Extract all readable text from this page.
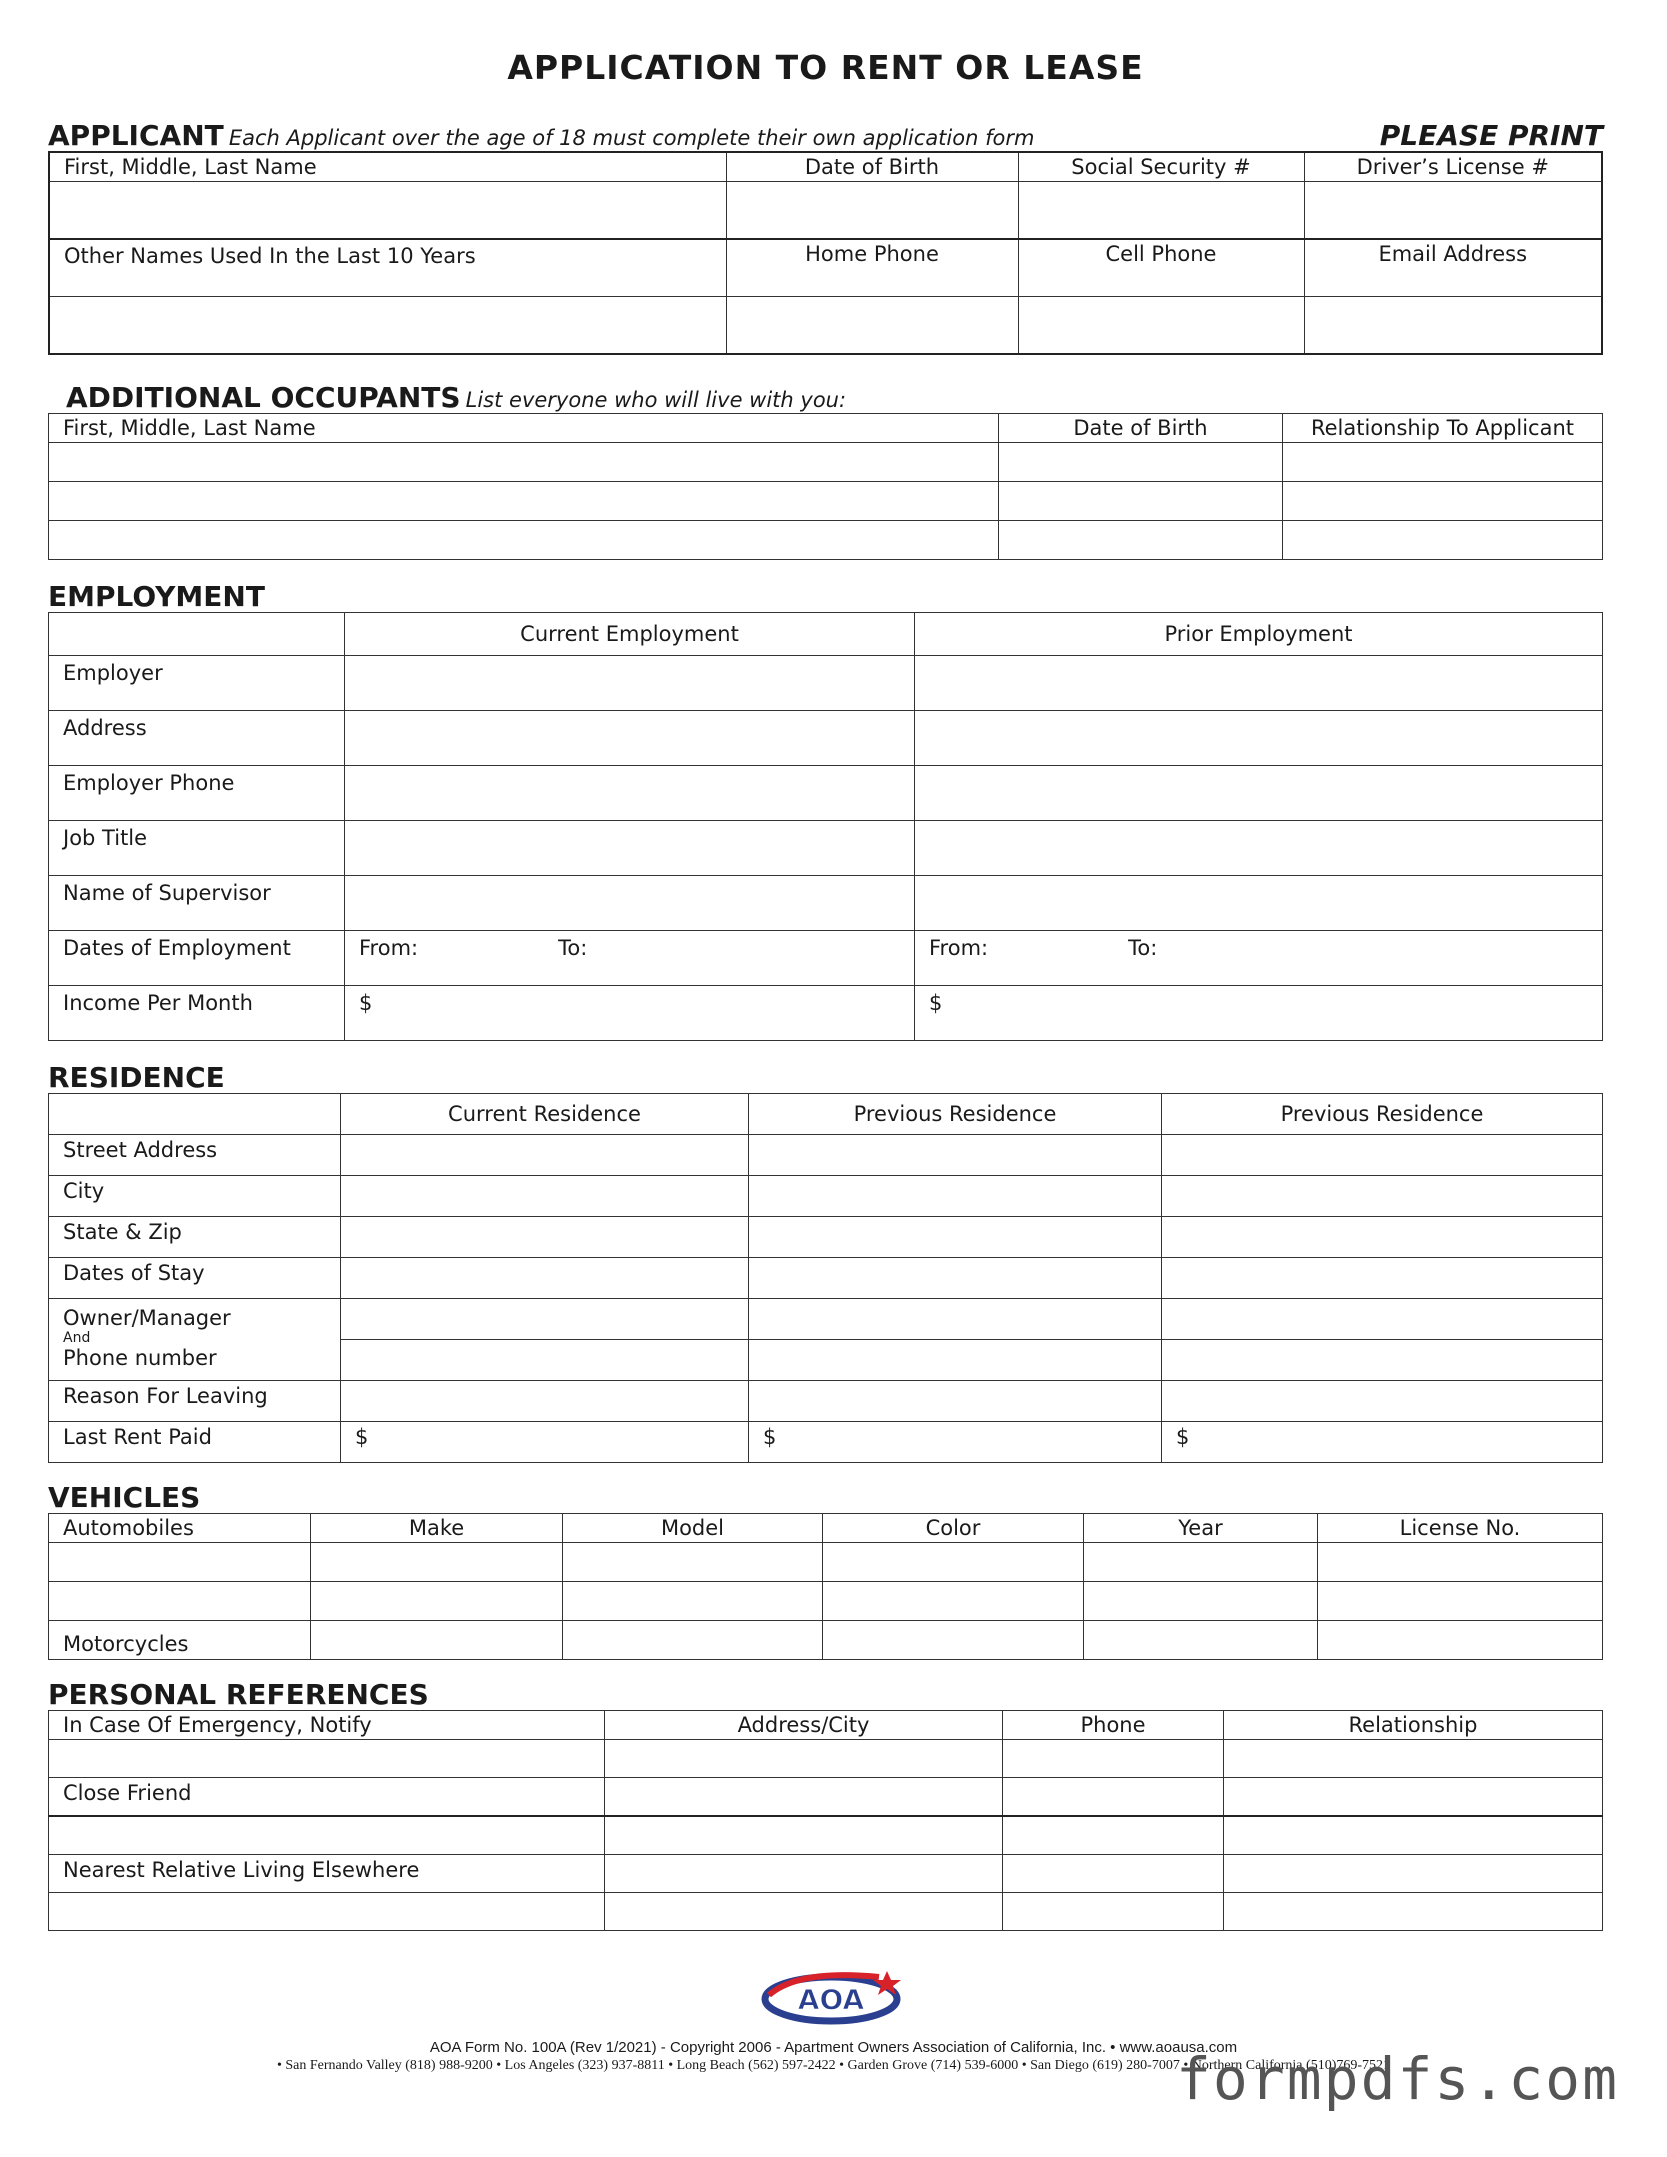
APPLICATION TO RENT OR LEASE
APPLICANT Each Applicant over the age of 18 must complete their own application form	PLEASE PRINT
First, Middle, Last Name	Date of Birth	Social Security #	Driver’s License #

Other Names Used In the Last 10 Years	Home Phone	Cell Phone	Email Address

ADDITIONAL OCCUPANTS List everyone who will live with you:
First, Middle, Last Name	Date of Birth	Relationship To Applicant

EMPLOYMENT
	Current Employment	Prior Employment
Employer		
Address		
Employer Phone		
Job Title		
Name of Supervisor		
Dates of Employment	From: To:	From: To:
Income Per Month	$	$
RESIDENCE
	Current Residence	Previous Residence	Previous Residence
Street Address			
City			
State & Zip			
Dates of Stay			
Owner/Manager
And
Phone number			

Reason For Leaving			
Last Rent Paid	$	$	$
VEHICLES
Automobiles	Make	Model	Color	Year	License No.

Motorcycles					
PERSONAL REFERENCES
In Case Of Emergency, Notify	Address/City	Phone	Relationship

Close Friend			

Nearest Relative Living Elsewhere			

AOA
AOA Form No. 100A (Rev 1/2021) - Copyright 2006 - Apartment Owners Association of California, Inc. • www.aoausa.com
• San Fernando Valley (818) 988-9200 • Los Angeles (323) 937-8811 • Long Beach (562) 597-2422 • Garden Grove (714) 539-6000 • San Diego (619) 280-7007 • Northern California (510)769-7521
formpdfs.com
